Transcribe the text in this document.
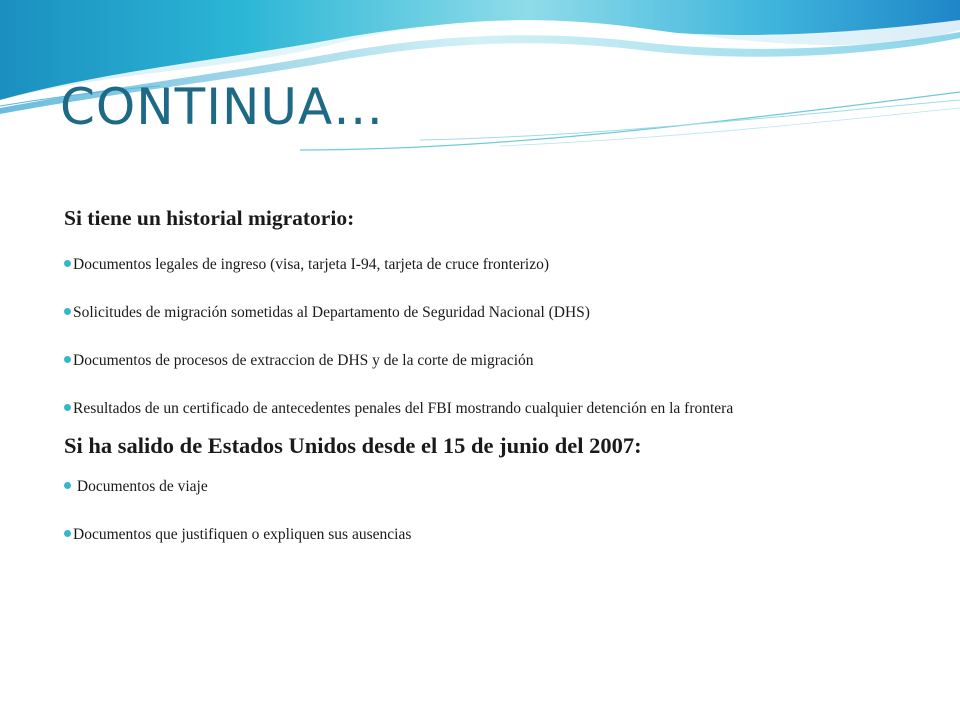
CONTINUA…
Si tiene un historial migratorio:
Documentos legales de ingreso (visa, tarjeta I-94, tarjeta de cruce fronterizo)
Solicitudes de migración sometidas al Departamento de Seguridad Nacional (DHS)
Documentos de procesos de extraccion de DHS y de la corte de migración
Resultados de un certificado de antecedentes penales del FBI mostrando cualquier detención en la frontera
Si ha salido de Estados Unidos desde el 15 de junio del 2007:
Documentos de viaje
Documentos que justifiquen o expliquen sus ausencias
